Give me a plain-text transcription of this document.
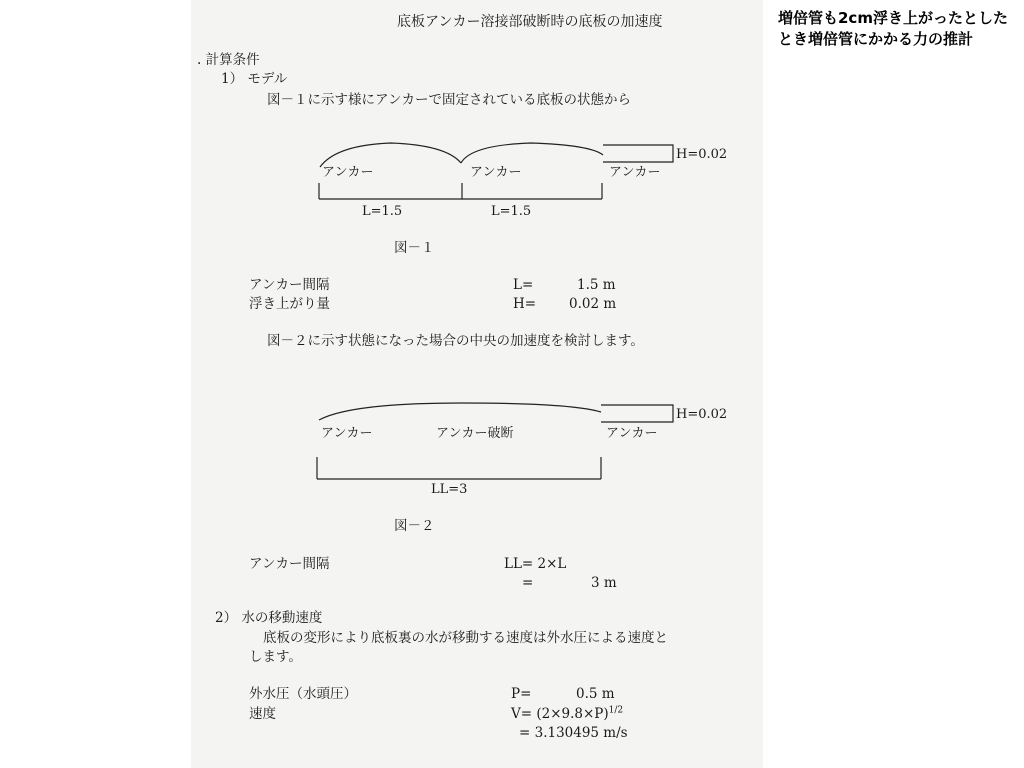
増倍管も2cm浮き上がったとしたとき増倍管にかかる力の推計
底板アンカー溶接部破断時の底板の加速度
. 計算条件
1） モデル
図－１に示す様にアンカーで固定されている底板の状態から
アンカー	アンカー	アンカー
H=0.02
L=1.5	L=1.5
図－１
アンカー間隔	L=	1.5 m
浮き上がり量	H= 0.02 m
図－２に示す状態になった場合の中央の加速度を検討します。
アンカー	アンカー破断	アンカー
H=0.02
LL=3
図－２
アンカー間隔	LL= 2×L
=	3 m
2） 水の移動速度
底板の変形により底板裏の水が移動する速度は外水圧による速度と
します。
外水圧（水頭圧）	P=	0.5 m
速度	$V= (2\times 9.8\times P)^{1/2}$
= 3.130495 m/s
